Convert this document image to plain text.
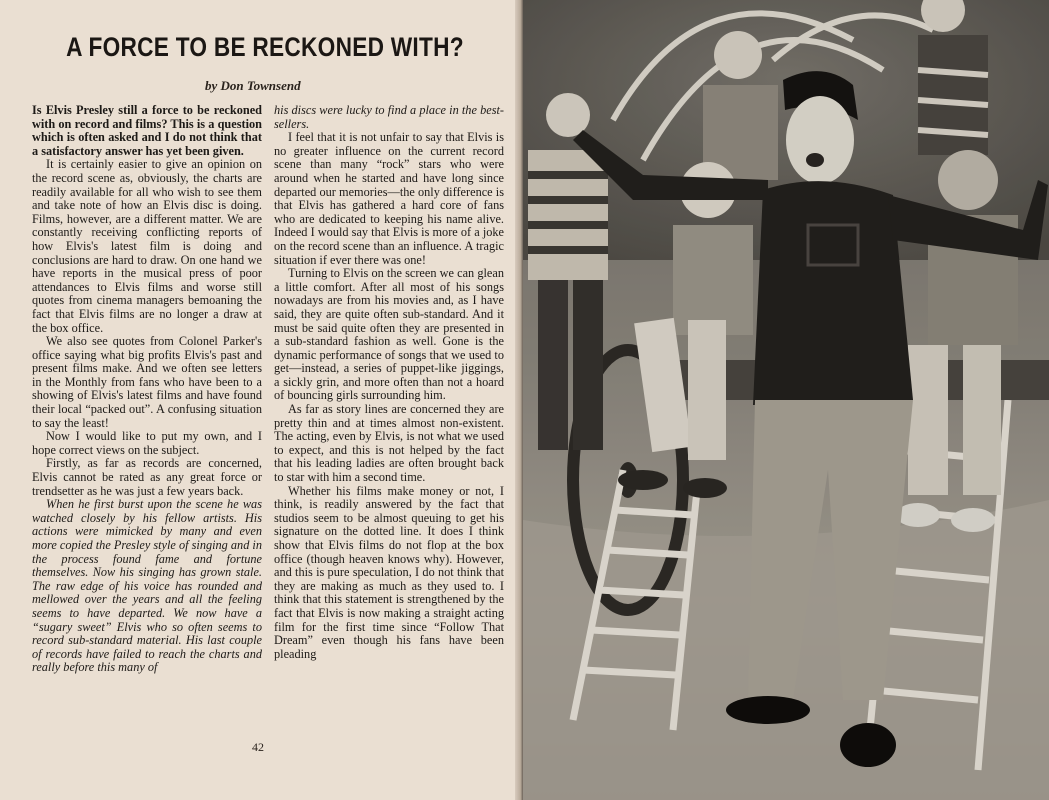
A FORCE TO BE RECKONED WITH?

by Don Townsend

Is Elvis Presley still a force to be reckoned with on record and films? This is a question which is often asked and I do not think that a satisfactory answer has yet been given.

It is certainly easier to give an opinion on the record scene as, obviously, the charts are readily available for all who wish to see them and take note of how an Elvis disc is doing. Films, however, are a different matter. We are constantly receiving conflicting reports of how Elvis's latest film is doing and conclusions are hard to draw. On one hand we have reports in the musical press of poor attendances to Elvis films and worse still quotes from cinema managers bemoaning the fact that Elvis films are no longer a draw at the box office.

We also see quotes from Colonel Parker's office saying what big profits Elvis's past and present films make. And we often see letters in the Monthly from fans who have been to a showing of Elvis's latest films and have found their local “packed out”. A confusing situation to say the least!

Now I would like to put my own, and I hope correct views on the subject.

Firstly, as far as records are concerned, Elvis cannot be rated as any great force or trendsetter as he was just a few years back.

When he first burst upon the scene he was watched closely by his fellow artists. His actions were mimicked by many and even more copied the Presley style of singing and in the process found fame and fortune themselves. Now his singing has grown stale. The raw edge of his voice has rounded and mellowed over the years and all the feeling seems to have departed. We now have a “sugary sweet” Elvis who so often seems to record sub-standard material. His last couple of records have failed to reach the charts and really before this many of

his discs were lucky to find a place in the best-sellers.

I feel that it is not unfair to say that Elvis is no greater influence on the current record scene than many “rock” stars who were around when he started and have long since departed our memories—the only difference is that Elvis has gathered a hard core of fans who are dedicated to keeping his name alive. Indeed I would say that Elvis is more of a joke on the record scene than an influence. A tragic situation if ever there was one!

Turning to Elvis on the screen we can glean a little comfort. After all most of his songs nowadays are from his movies and, as I have said, they are quite often sub-standard. And it must be said quite often they are presented in a sub-standard fashion as well. Gone is the dynamic performance of songs that we used to get—instead, a series of puppet-like jiggings, a sickly grin, and more often than not a hoard of bouncing girls surrounding him.

As far as story lines are concerned they are pretty thin and at times almost non-existent. The acting, even by Elvis, is not what we used to expect, and this is not helped by the fact that his leading ladies are often brought back to star with him a second time.

Whether his films make money or not, I think, is readily answered by the fact that studios seem to be almost queuing to get his signature on the dotted line. It does I think show that Elvis films do not flop at the box office (though heaven knows why). However, and this is pure speculation, I do not think that they are making as much as they used to. I think that this statement is strengthened by the fact that Elvis is now making a straight acting film for the first time since “Follow That Dream” even though his fans have been pleading

42
